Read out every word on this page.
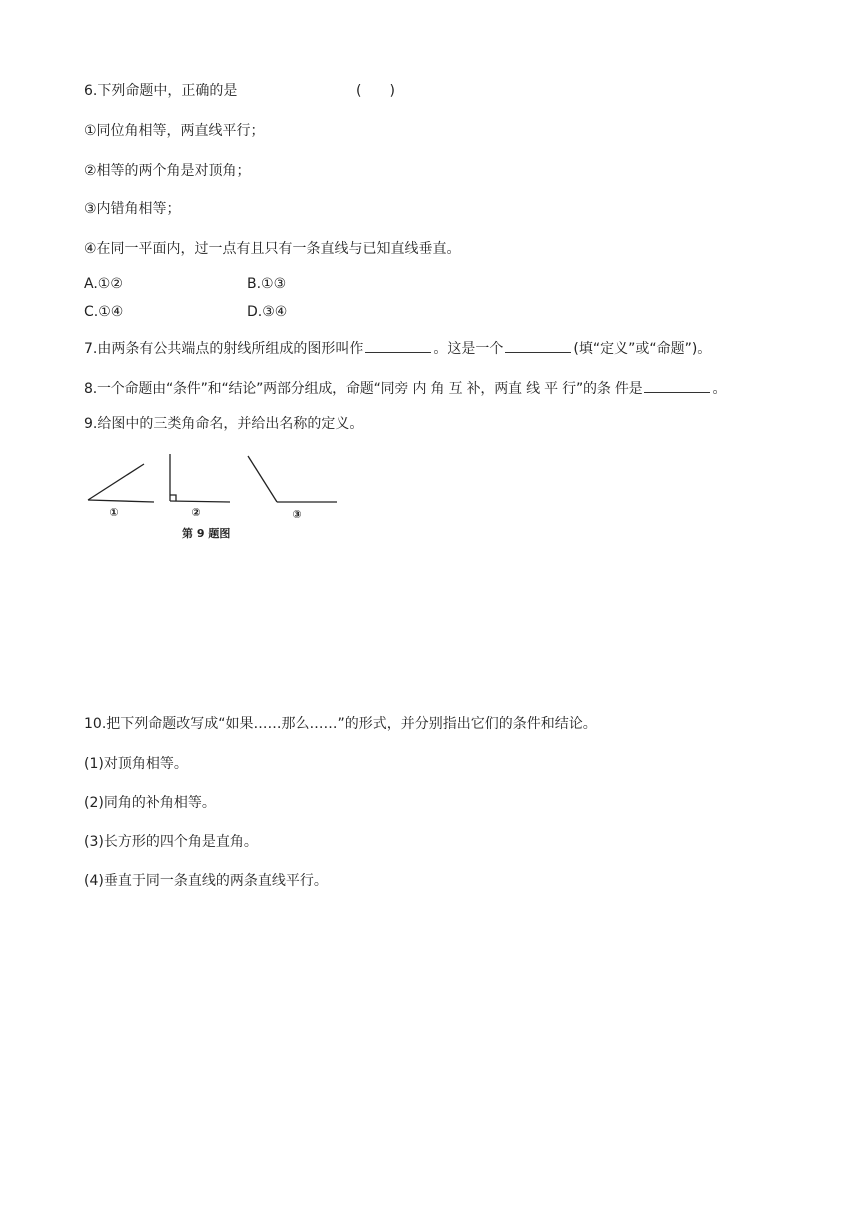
6.下列命题中，正确的是	(　　)
①同位角相等，两直线平行；
②相等的两个角是对顶角；
③内错角相等；
④在同一平面内，过一点有且只有一条直线与已知直线垂直。
A.①②	B.①③
C.①④	D.③④
7.由两条有公共端点的射线所组成的图形叫作	。这是一个	(填“定义”或“命题”)。
8.一个命题由“条件”和“结论”两部分组成，命题“同旁 内 角 互 补，两直 线 平 行”的条 件是	。
9.给图中的三类角命名，并给出名称的定义。
①	②	③
第 9 题图
10.把下列命题改写成“如果……那么……”的形式，并分别指出它们的条件和结论。
(1)对顶角相等。
(2)同角的补角相等。
(3)长方形的四个角是直角。
(4)垂直于同一条直线的两条直线平行。
